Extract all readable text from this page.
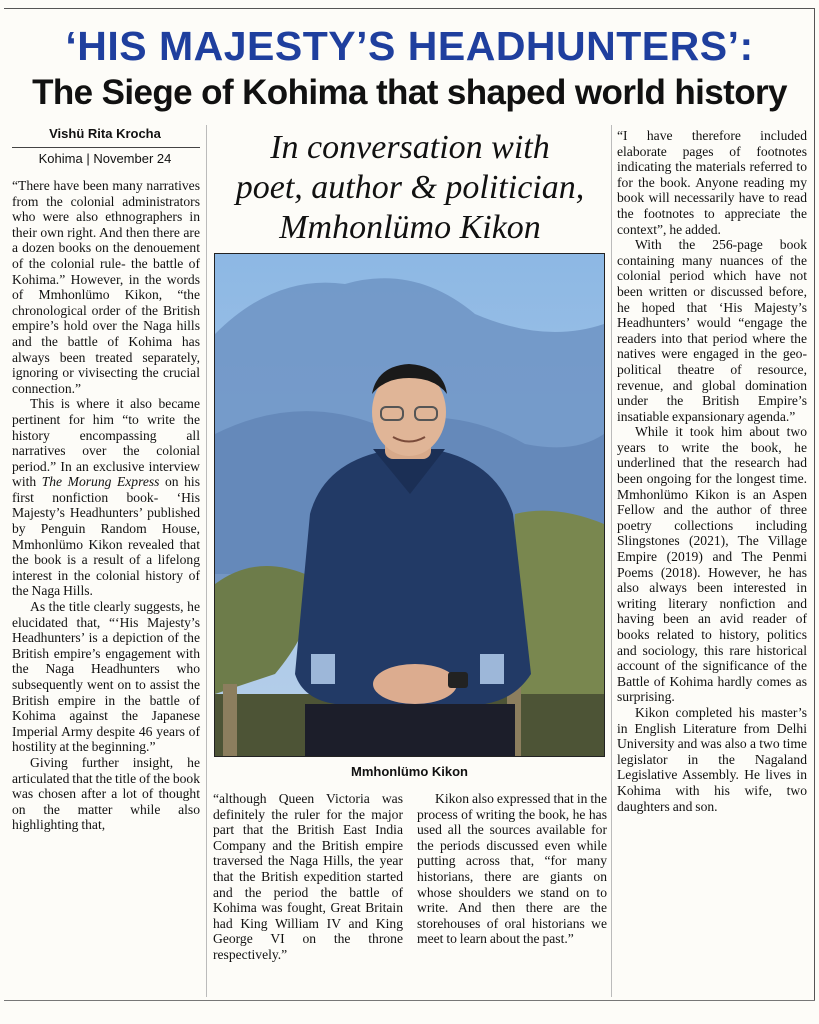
‘HIS MAJESTY’S HEADHUNTERS’:
The Siege of Kohima that shaped world history
Vishü Rita Krocha
Kohima | November 24

“There have been many narratives from the colonial administrators who were also ethnographers in their own right. And then there are a dozen books on the denouement of the colonial rule- the battle of Kohima.” However, in the words of Mmhonlümo Kikon, “the chronological order of the British empire’s hold over the Naga hills and the battle of Kohima has always been treated separately, ignoring or vivisecting the crucial connection.”

This is where it also became pertinent for him “to write the history encompassing all narratives over the colonial period.” In an exclusive interview with The Morung Express on his first nonfiction book- ‘His Majesty’s Headhunters’ published by Penguin Random House, Mmhonlümo Kikon revealed that the book is a result of a lifelong interest in the colonial history of the Naga Hills.

As the title clearly suggests, he elucidated that, “‘His Majesty’s Headhunters’ is a depiction of the British empire’s engagement with the Naga Headhunters who subsequently went on to assist the British empire in the battle of Kohima against the Japanese Imperial Army despite 46 years of hostility at the beginning.”

Giving further insight, he articulated that the title of the book was chosen after a lot of thought on the matter while also highlighting that,

In conversation with
poet, author & politician,
Mmhonlümo Kikon
Mmhonlümo Kikon

“although Queen Victoria was definitely the ruler for the major part that the British East India Company and the British empire traversed the Naga Hills, the year that the British expedition started and the period the battle of Kohima was fought, Great Britain had King William IV and King George VI on the throne respectively.”

Kikon also expressed that in the process of writing the book, he has used all the sources available for the periods discussed even while putting across that, “for many historians, there are giants on whose shoulders we stand on to write. And then there are the storehouses of oral historians we meet to learn about the past.”

“I have therefore included elaborate pages of footnotes indicating the materials referred to for the book. Anyone reading my book will necessarily have to read the footnotes to appreciate the context”, he added.

With the 256-page book containing many nuances of the colonial period which have not been written or discussed before, he hoped that ‘His Majesty’s Headhunters’ would “engage the readers into that period where the natives were engaged in the geo-political theatre of resource, revenue, and global domination under the British Empire’s insatiable expansionary agenda.”

While it took him about two years to write the book, he underlined that the research had been ongoing for the longest time. Mmhonlümo Kikon is an Aspen Fellow and the author of three poetry collections including Slingstones (2021), The Village Empire (2019) and The Penmi Poems (2018). However, he has also always been interested in writing literary nonfiction and having been an avid reader of books related to history, politics and sociology, this rare historical account of the significance of the Battle of Kohima hardly comes as surprising.

Kikon completed his master’s in English Literature from Delhi University and was also a two time legislator in the Nagaland Legislative Assembly. He lives in Kohima with his wife, two daughters and son.
